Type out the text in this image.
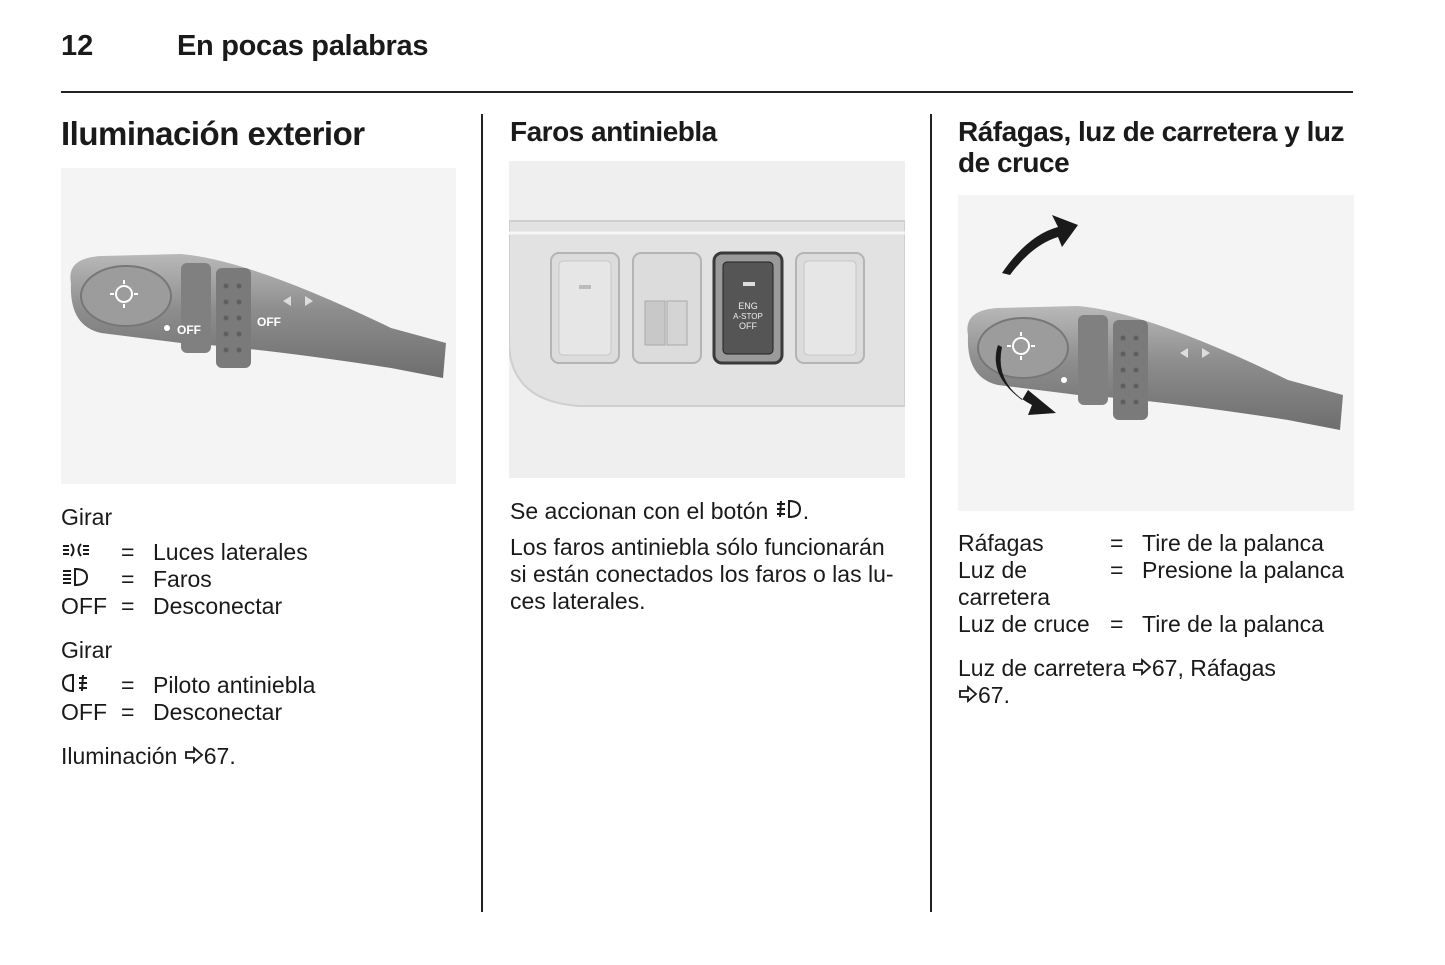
12	En pocas palabras
Iluminación exterior
OFF
OFF
Girar
= Luces laterales
= Faros
OFF = Desconectar
Girar
= Piloto antiniebla
OFF = Desconectar
Iluminación 67.
Faros antiniebla
ENG
A-STOP
OFF
Se accionan con el botón .
Los faros antiniebla sólo funcionarán
si están conectados los faros o las lu-
ces laterales.
Ráfagas, luz de carretera y luz
de cruce
Ráfagas	= Tire de la palanca
Luz de	= Presione la palanca
carretera
Luz de cruce = Tire de la palanca
Luz de carretera 67, Ráfagas
67.
